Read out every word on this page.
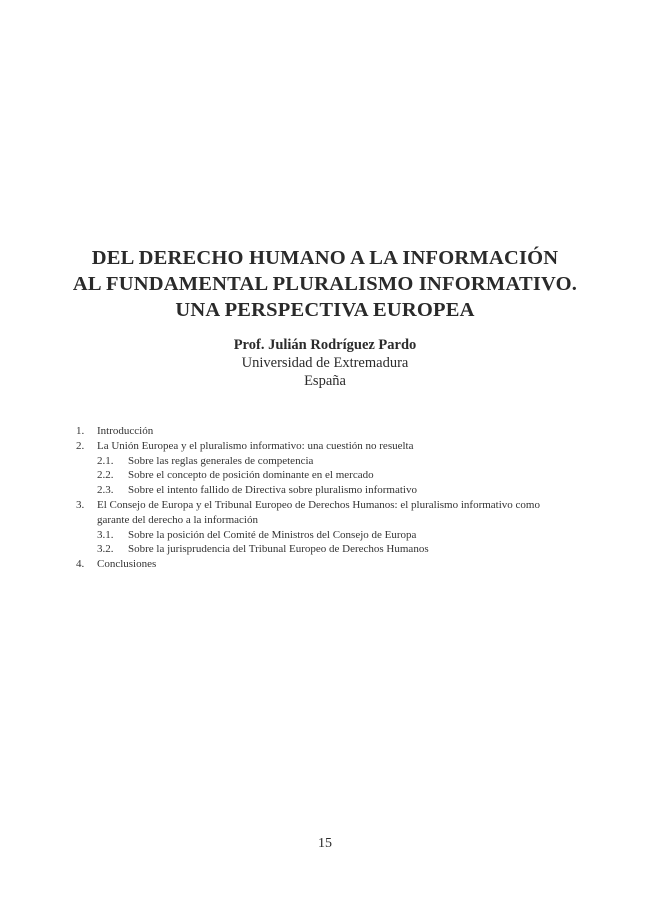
DEL DERECHO HUMANO A LA INFORMACIÓN
AL FUNDAMENTAL PLURALISMO INFORMATIVO.
UNA PERSPECTIVA EUROPEA
Prof. Julián Rodríguez Pardo
Universidad de Extremadura
España
1. Introducción
2. La Unión Europea y el pluralismo informativo: una cuestión no resuelta
2.1. Sobre las reglas generales de competencia
2.2. Sobre el concepto de posición dominante en el mercado
2.3. Sobre el intento fallido de Directiva sobre pluralismo informativo
3. El Consejo de Europa y el Tribunal Europeo de Derechos Humanos: el pluralismo informativo como
garante del derecho a la información
3.1. Sobre la posición del Comité de Ministros del Consejo de Europa
3.2. Sobre la jurisprudencia del Tribunal Europeo de Derechos Humanos
4. Conclusiones
15
